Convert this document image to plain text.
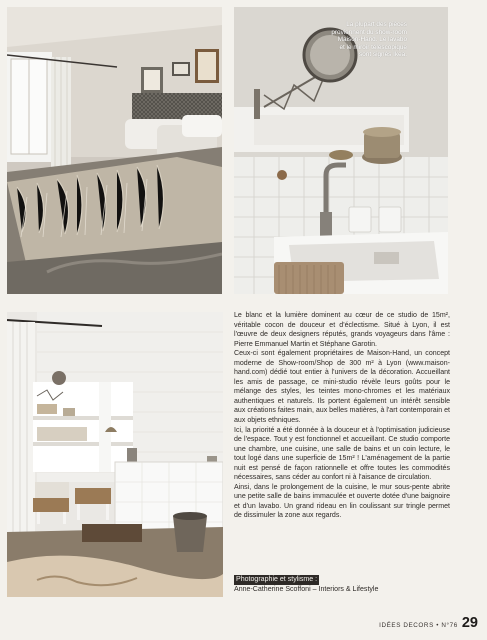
La plupart des pièces
proviennent du show-room
Maison-Hand. Le lavabo
et le miroir téléscopique
sont signés Ikea.

Le blanc et la lumière dominent au cœur de ce studio de 15m², véritable cocon de douceur et d'éclectisme. Situé à Lyon, il est l'œuvre de deux designers réputés, grands voyageurs dans l'âme : Pierre Emmanuel Martin et Stéphane Garotin.

Ceux-ci sont également propriétaires de Maison-Hand, un concept moderne de Show-room/Shop de 300 m² à Lyon (www.maison-hand.com) dédié tout entier à l'univers de la décoration. Accueillant les amis de passage, ce mini-studio révèle leurs goûts pour le mélange des styles, les teintes mono-chromes et les matériaux authentiques et naturels. Ils portent également un intérêt sensible aux créations faites main, aux belles matières, à l'art contemporain et aux objets ethniques.

Ici, la priorité a été donnée à la douceur et à l'optimisation judicieuse de l'espace. Tout y est fonctionnel et accueillant. Ce studio comporte une chambre, une cuisine, une salle de bains et un coin lecture, le tout logé dans une superficie de 15m² ! L'aménagement de la partie nuit est pensé de façon rationnelle et offre toutes les commodités nécessaires, sans céder au confort ni à l'aisance de circulation.

Ainsi, dans le prolongement de la cuisine, le mur sous-pente abrite une petite salle de bains immaculée et ouverte dotée d'une baignoire et d'un lavabo. Un grand rideau en lin coulissant sur tringle permet de dissimuler la zone aux regards.

Photographie et stylisme :
Anne-Catherine Scoffoni – Interiors & Lifestyle
IDÉES DECORS • N°76 29
